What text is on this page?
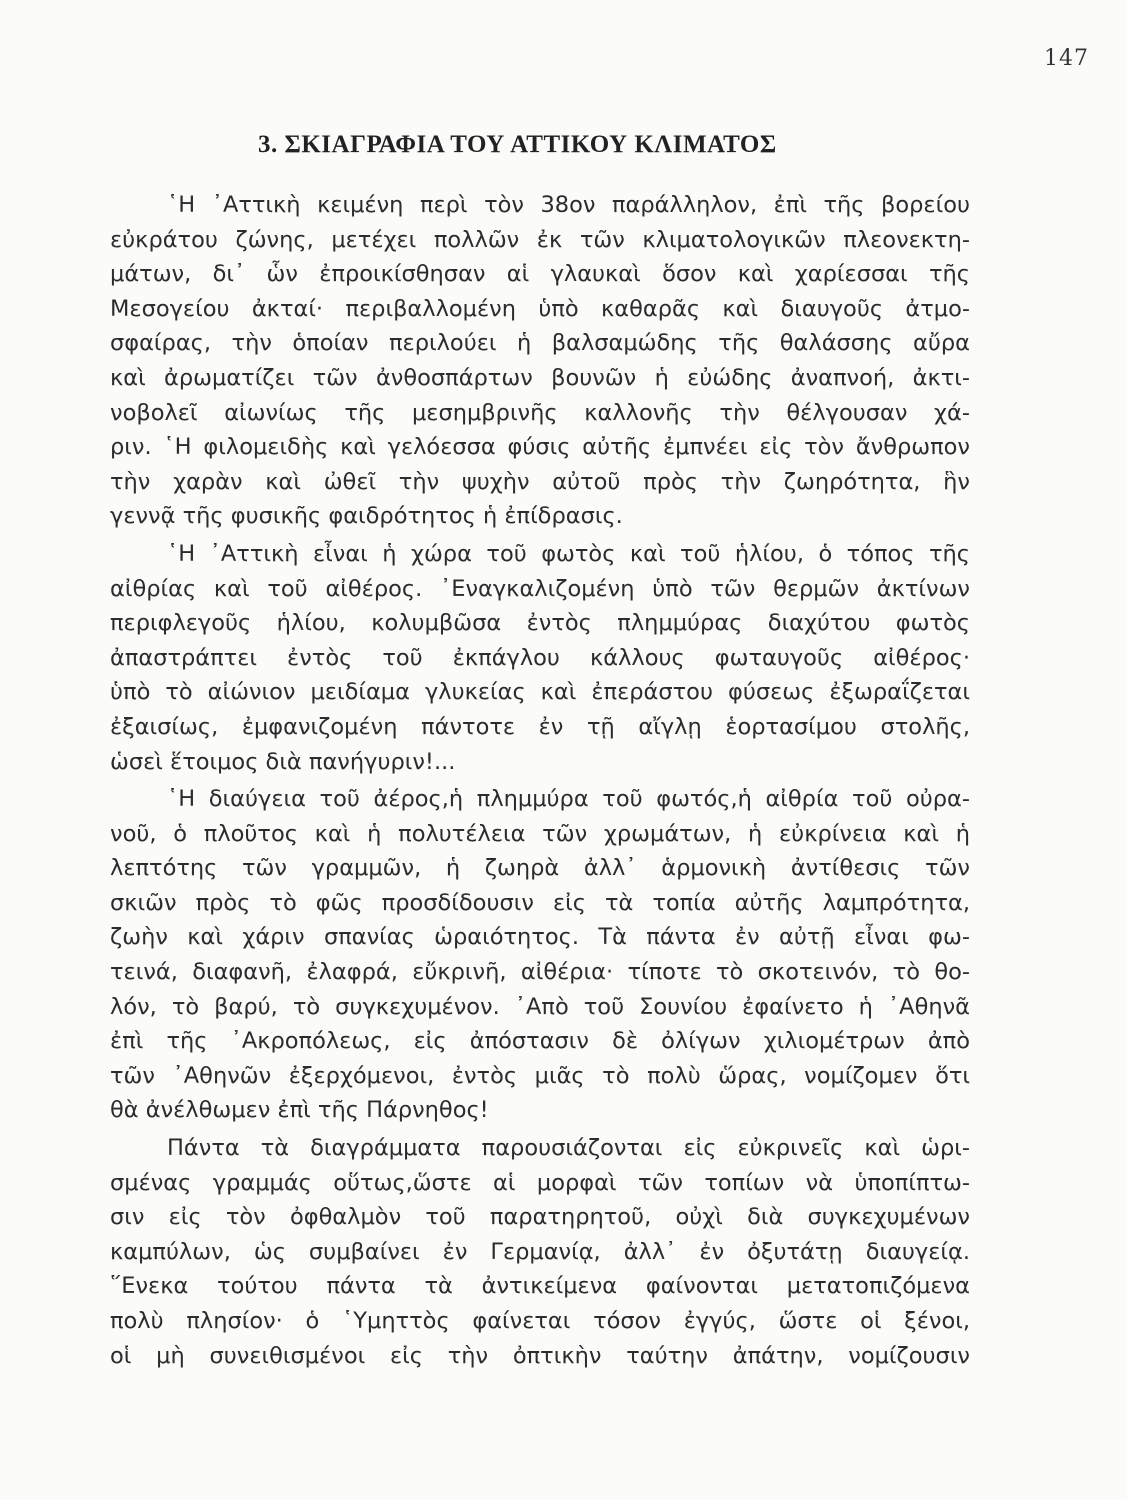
147
3. ΣΚΙΑΓΡΑΦΙΑ ΤΟΥ ΑΤΤΙΚΟΥ ΚΛΙΜΑΤΟΣ
῾Η ᾿Αττικὴ κειμένη περὶ τὸν 38ον παράλληλον, ἐπὶ τῆς βορείου
εὐκράτου ζώνης, μετέχει πολλῶν ἐκ τῶν κλιματολογικῶν πλεονεκτη-
μάτων, δι᾿ ὧν ἐπροικίσθησαν αἱ γλαυκαὶ ὅσον καὶ χαρίεσσαι τῆς
Μεσογείου ἀκταί· περιβαλλομένη ὑπὸ καθαρᾶς καὶ διαυγοῦς ἀτμο-
σφαίρας, τὴν ὁποίαν περιλούει ἡ βαλσαμώδης τῆς θαλάσσης αὔρα
καὶ ἀρωματίζει τῶν ἀνθοσπάρτων βουνῶν ἡ εὐώδης ἀναπνοή, ἀκτι-
νοβολεῖ αἰωνίως τῆς μεσημβρινῆς καλλονῆς τὴν θέλγουσαν χά-
ριν. ῾Η φιλομειδὴς καὶ γελόεσσα φύσις αὐτῆς ἐμπνέει εἰς τὸν ἄνθρωπον
τὴν χαρὰν καὶ ὠθεῖ τὴν ψυχὴν αὐτοῦ πρὸς τὴν ζωηρότητα, ἣν
γεννᾷ τῆς φυσικῆς φαιδρότητος ἡ ἐπίδρασις.
῾Η ᾿Αττικὴ εἶναι ἡ χώρα τοῦ φωτὸς καὶ τοῦ ἡλίου, ὁ τόπος τῆς
αἰθρίας καὶ τοῦ αἰθέρος. ᾿Εναγκαλιζομένη ὑπὸ τῶν θερμῶν ἀκτίνων
περιφλεγοῦς ἡλίου, κολυμβῶσα ἐντὸς πλημμύρας διαχύτου φωτὸς
ἀπαστράπτει ἐντὸς τοῦ ἐκπάγλου κάλλους φωταυγοῦς αἰθέρος·
ὑπὸ τὸ αἰώνιον μειδίαμα γλυκείας καὶ ἐπεράστου φύσεως ἐξωραΐζεται
ἐξαισίως, ἐμφανιζομένη πάντοτε ἐν τῇ αἴγλῃ ἑορτασίμου στολῆς,
ὡσεὶ ἕτοιμος διὰ πανήγυριν!...
῾Η διαύγεια τοῦ ἀέρος,ἡ πλημμύρα τοῦ φωτός,ἡ αἰθρία τοῦ οὐρα-
νοῦ, ὁ πλοῦτος καὶ ἡ πολυτέλεια τῶν χρωμάτων, ἡ εὐκρίνεια καὶ ἡ
λεπτότης τῶν γραμμῶν, ἡ ζωηρὰ ἀλλ᾿ ἁρμονικὴ ἀντίθεσις τῶν
σκιῶν πρὸς τὸ φῶς προσδίδουσιν εἰς τὰ τοπία αὐτῆς λαμπρότητα,
ζωὴν καὶ χάριν σπανίας ὡραιότητος. Τὰ πάντα ἐν αὐτῇ εἶναι φω-
τεινά, διαφανῆ, ἐλαφρά, εὔκρινῆ, αἰθέρια· τίποτε τὸ σκοτεινόν, τὸ θο-
λόν, τὸ βαρύ, τὸ συγκεχυμένον. ᾿Απὸ τοῦ Σουνίου ἐφαίνετο ἡ ᾿Αθηνᾶ
ἐπὶ τῆς ᾿Ακροπόλεως, εἰς ἀπόστασιν δὲ ὀλίγων χιλιομέτρων ἀπὸ
τῶν ᾿Αθηνῶν ἐξερχόμενοι, ἐντὸς μιᾶς τὸ πολὺ ὥρας, νομίζομεν ὅτι
θὰ ἀνέλθωμεν ἐπὶ τῆς Πάρνηθος!
Πάντα τὰ διαγράμματα παρουσιάζονται εἰς εὐκρινεῖς καὶ ὡρι-
σμένας γραμμάς οὕτως,ὥστε αἱ μορφαὶ τῶν τοπίων νὰ ὑποπίπτω-
σιν εἰς τὸν ὀφθαλμὸν τοῦ παρατηρητοῦ, οὐχὶ διὰ συγκεχυμένων
καμπύλων, ὡς συμβαίνει ἐν Γερμανίᾳ, ἀλλ᾿ ἐν ὀξυτάτῃ διαυγείᾳ.
῞Ενεκα τούτου πάντα τὰ ἀντικείμενα φαίνονται μετατοπιζόμενα
πολὺ πλησίον· ὁ ῾Υμηττὸς φαίνεται τόσον ἐγγύς, ὥστε οἱ ξένοι,
οἱ μὴ συνειθισμένοι εἰς τὴν ὀπτικὴν ταύτην ἀπάτην, νομίζουσιν
